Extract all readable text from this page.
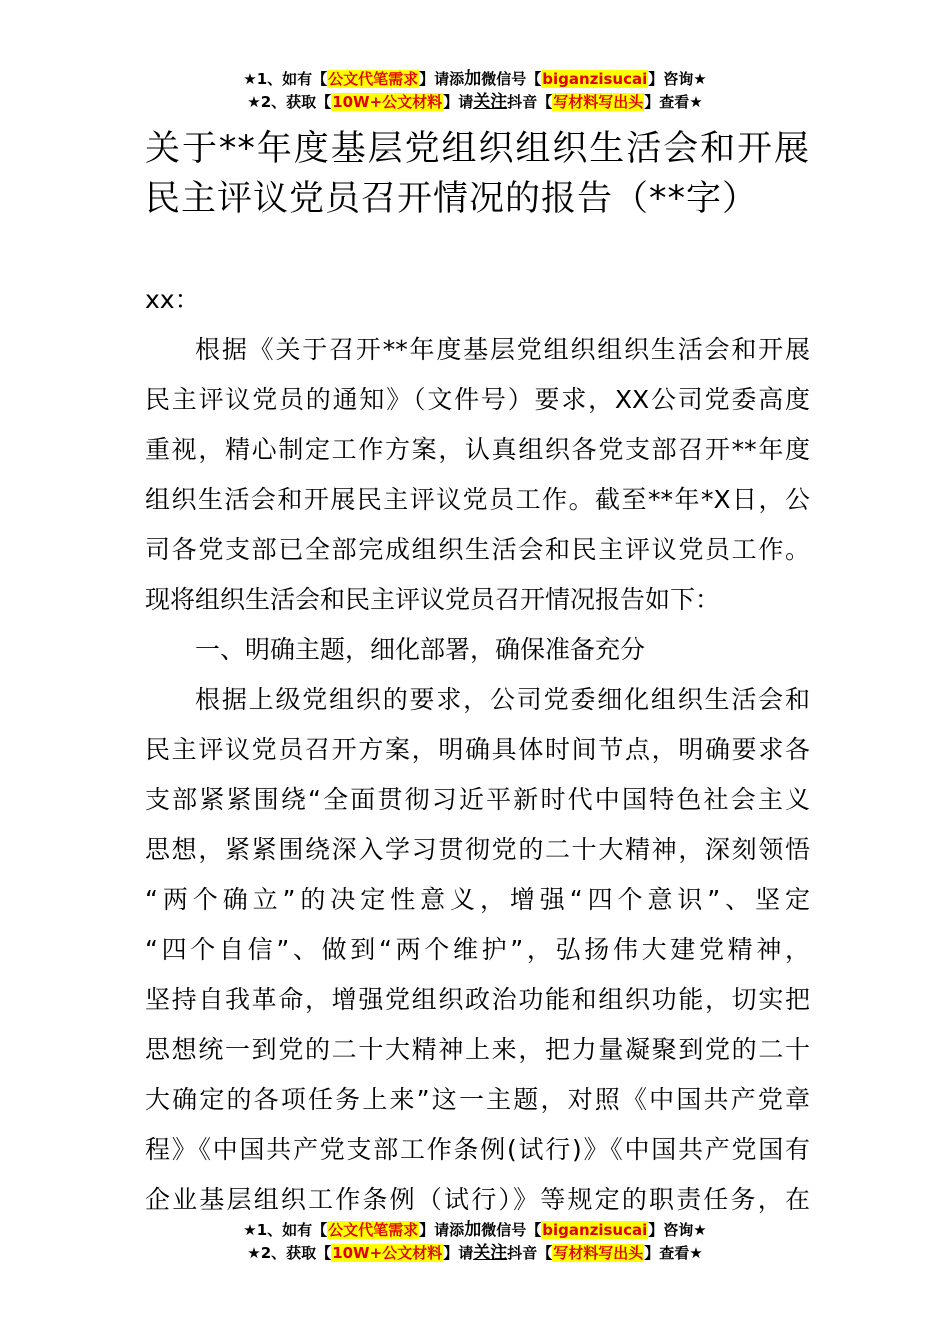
★1、如有【公文代笔需求】请添加微信号【biganzisucai】咨询★
★2、获取【10W+公文材料】请关注抖音【写材料写出头】查看★
关于**年度基层党组织组织生活会和开展
民主评议党员召开情况的报告（**字）
xx：
根据《关于召开**年度基层党组织组织生活会和开展
民主评议党员的通知》（文件号）要求，XX公司党委高度
重视，精心制定工作方案，认真组织各党支部召开**年度
组织生活会和开展民主评议党员工作。截至**年*X日，公
司各党支部已全部完成组织生活会和民主评议党员工作。
现将组织生活会和民主评议党员召开情况报告如下：
一、明确主题，细化部署，确保准备充分
根据上级党组织的要求，公司党委细化组织生活会和
民主评议党员召开方案，明确具体时间节点，明确要求各
支部紧紧围绕“全面贯彻习近平新时代中国特色社会主义
思想，紧紧围绕深入学习贯彻党的二十大精神，深刻领悟
“两个确立”的决定性意义，增强“四个意识”、坚定
“四个自信”、做到“两个维护”，弘扬伟大建党精神，
坚持自我革命，增强党组织政治功能和组织功能，切实把
思想统一到党的二十大精神上来，把力量凝聚到党的二十
大确定的各项任务上来”这一主题，对照《中国共产党章
程》《中国共产党支部工作条例(试行)》《中国共产党国有
企业基层组织工作条例（试行）》等规定的职责任务，在
★1、如有【公文代笔需求】请添加微信号【biganzisucai】咨询★
★2、获取【10W+公文材料】请关注抖音【写材料写出头】查看★
